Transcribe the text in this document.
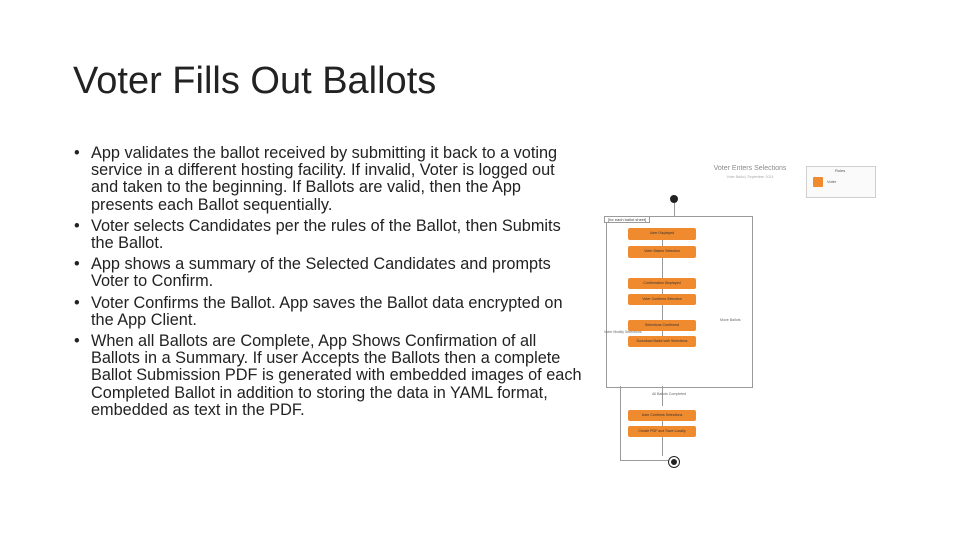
Voter Fills Out Ballots
• App validates the ballot received by submitting it back to a voting service in a different hosting facility. If invalid, Voter is logged out and taken to the beginning. If Ballots are valid, then the App presents each Ballot sequentially.
• Voter selects Candidates per the rules of the Ballot, then Submits the Ballot.
• App shows a summary of the Selected Candidates and prompts Voter to Confirm.
• Voter Confirms the Ballot. App saves the Ballot data encrypted on the App Client.
• When all Ballots are Complete, App Shows Confirmation of all Ballots in a Summary. If user Accepts the Ballots then a complete Ballot Submission PDF is generated with embedded images of each Completed Ballot in addition to storing the data in YAML format, embedded as text in the PDF.
Voter Enters Selections
Voter Ballot | September 2024
Roles
Voter
[for each ballot sheet]
User Displayed
Voter Makes Selection
Confirmation Displayed
Voter Confirms Selection
Selections Confirmed
Download Ballot with Selections
Voter Modify Selections
Move Ballots
All Ballots Completed
User Confirms Selections
Create PDF and Save Locally
